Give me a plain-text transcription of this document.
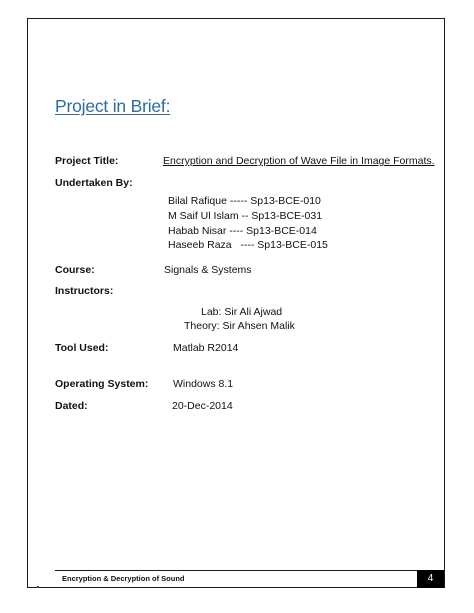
Project in Brief:
Project Title:	Encryption and Decryption of Wave File in Image Formats.
Undertaken By:
Bilal Rafique ----- Sp13-BCE-010
M Saif Ul Islam -- Sp13-BCE-031
Habab Nisar ---- Sp13-BCE-014
Haseeb Raza   ---- Sp13-BCE-015
Course:	Signals & Systems
Instructors:
Lab: Sir Ali Ajwad
Theory: Sir Ahsen Malik
Tool Used:	Matlab R2014
Operating System: Windows 8.1
Dated:	20-Dec-2014
Encryption & Decryption of Sound	4
